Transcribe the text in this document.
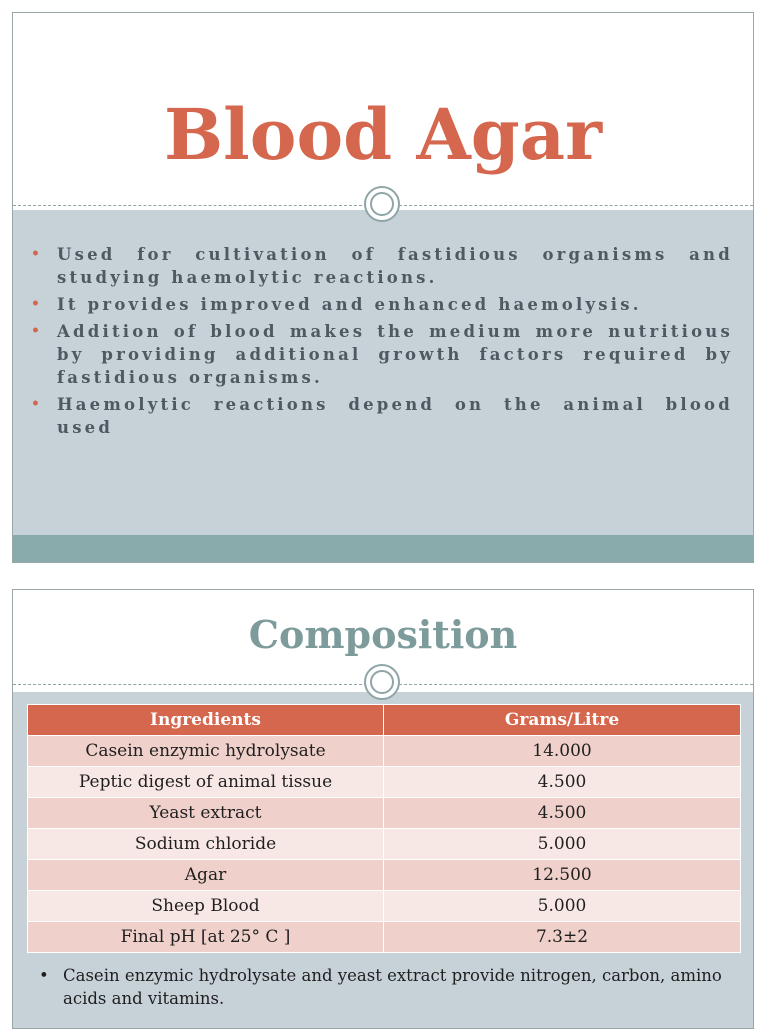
Blood Agar
• Used for cultivation of fastidious organisms and studying haemolytic reactions.
• It provides improved and enhanced haemolysis.
• Addition of blood makes the medium more nutritious by providing additional growth factors required by fastidious organisms.
• Haemolytic reactions depend on the animal blood used
Composition
Ingredients	Grams/Litre
Casein enzymic hydrolysate	14.000
Peptic digest of animal tissue	4.500
Yeast extract	4.500
Sodium chloride	5.000
Agar	12.500
Sheep Blood	5.000
Final pH [at 25° C ]	7.3±2
• Casein enzymic hydrolysate and yeast extract provide nitrogen, carbon, amino acids and vitamins.
